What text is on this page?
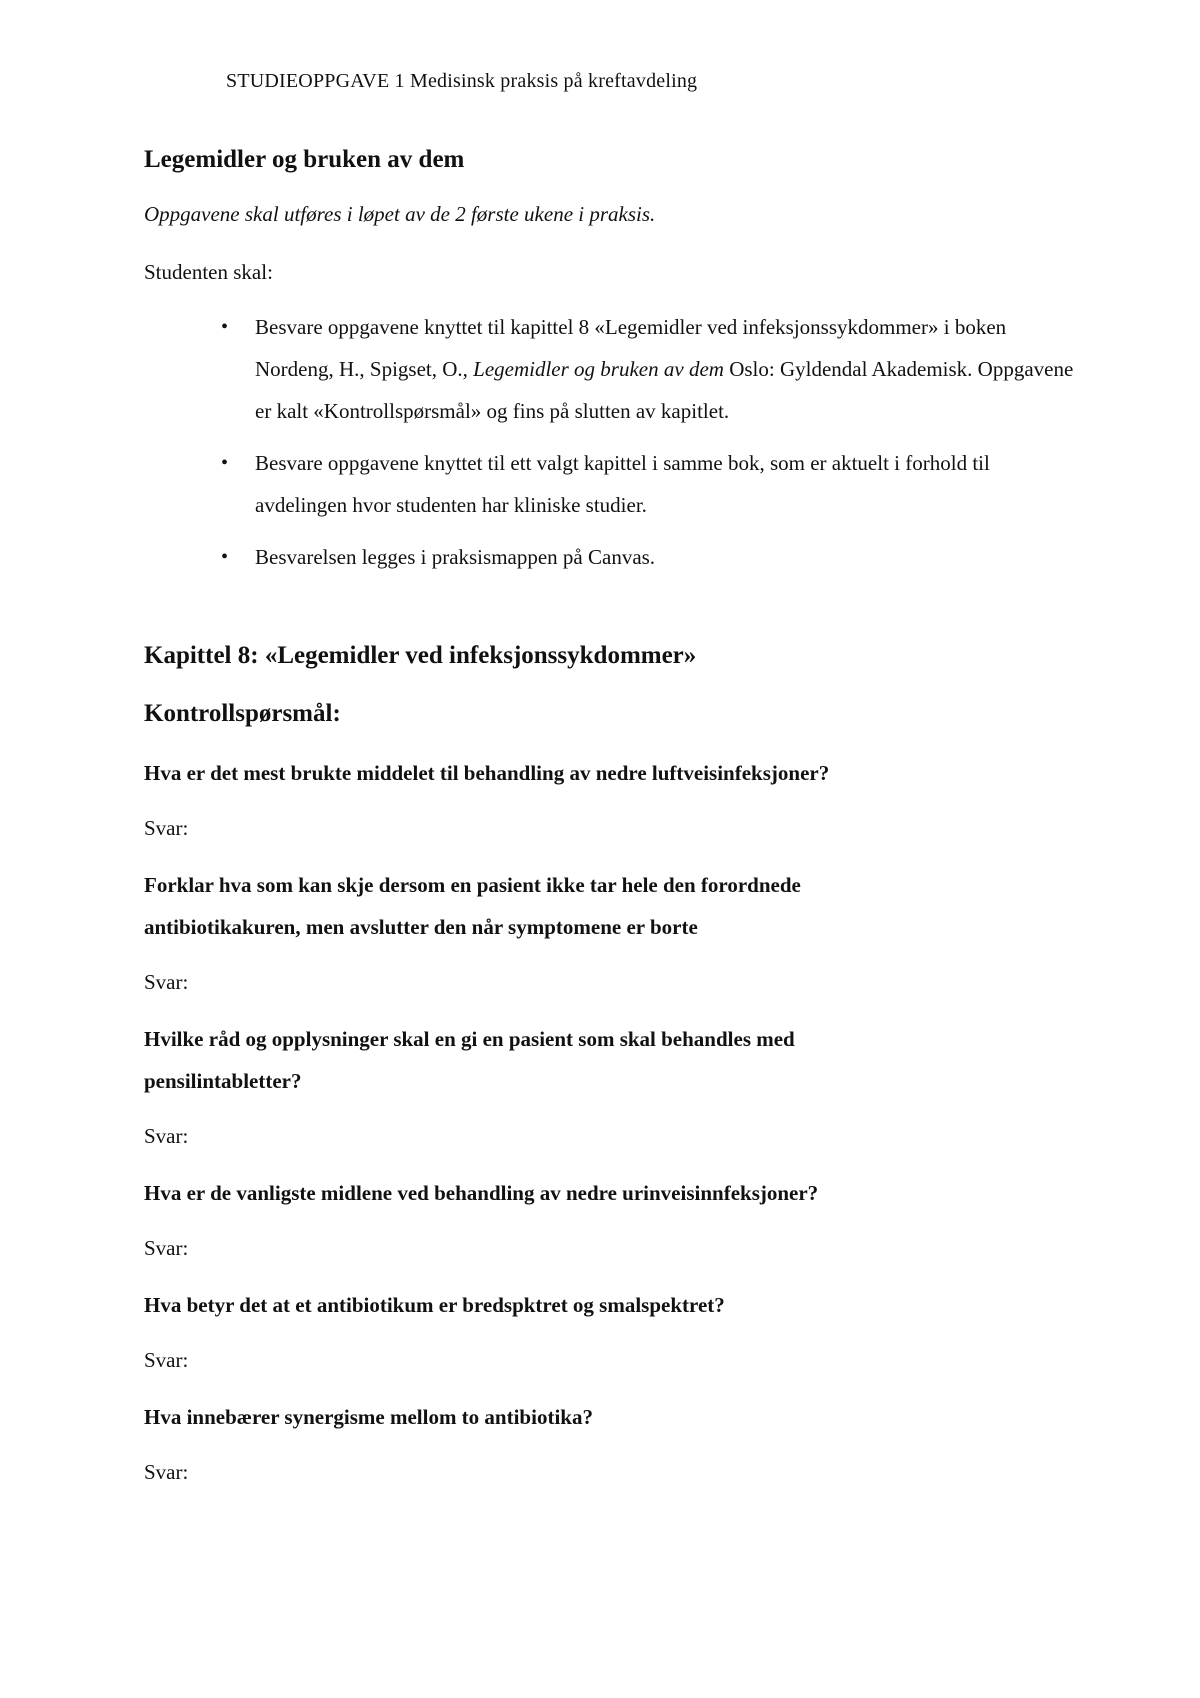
STUDIEOPPGAVE 1 Medisinsk praksis på kreftavdeling
Legemidler og bruken av dem

Oppgavene skal utføres i løpet av de 2 første ukene i praksis.

Studenten skal:

• Besvare oppgavene knyttet til kapittel 8 «Legemidler ved infeksjonssykdommer» i boken Nordeng, H., Spigset, O., Legemidler og bruken av dem Oslo: Gyldendal Akademisk. Oppgavene er kalt «Kontrollspørsmål» og fins på slutten av kapitlet.
• Besvare oppgavene knyttet til ett valgt kapittel i samme bok, som er aktuelt i forhold til avdelingen hvor studenten har kliniske studier.
• Besvarelsen legges i praksismappen på Canvas.
Kapittel 8: «Legemidler ved infeksjonssykdommer»
Kontrollspørsmål:

Hva er det mest brukte middelet til behandling av nedre luftveisinfeksjoner?

Svar:

Forklar hva som kan skje dersom en pasient ikke tar hele den forordnede antibiotikakuren, men avslutter den når symptomene er borte

Svar:

Hvilke råd og opplysninger skal en gi en pasient som skal behandles med pensilintabletter?

Svar:

Hva er de vanligste midlene ved behandling av nedre urinveisinnfeksjoner?

Svar:

Hva betyr det at et antibiotikum er bredspktret og smalspektret?

Svar:

Hva innebærer synergisme mellom to antibiotika?

Svar:
